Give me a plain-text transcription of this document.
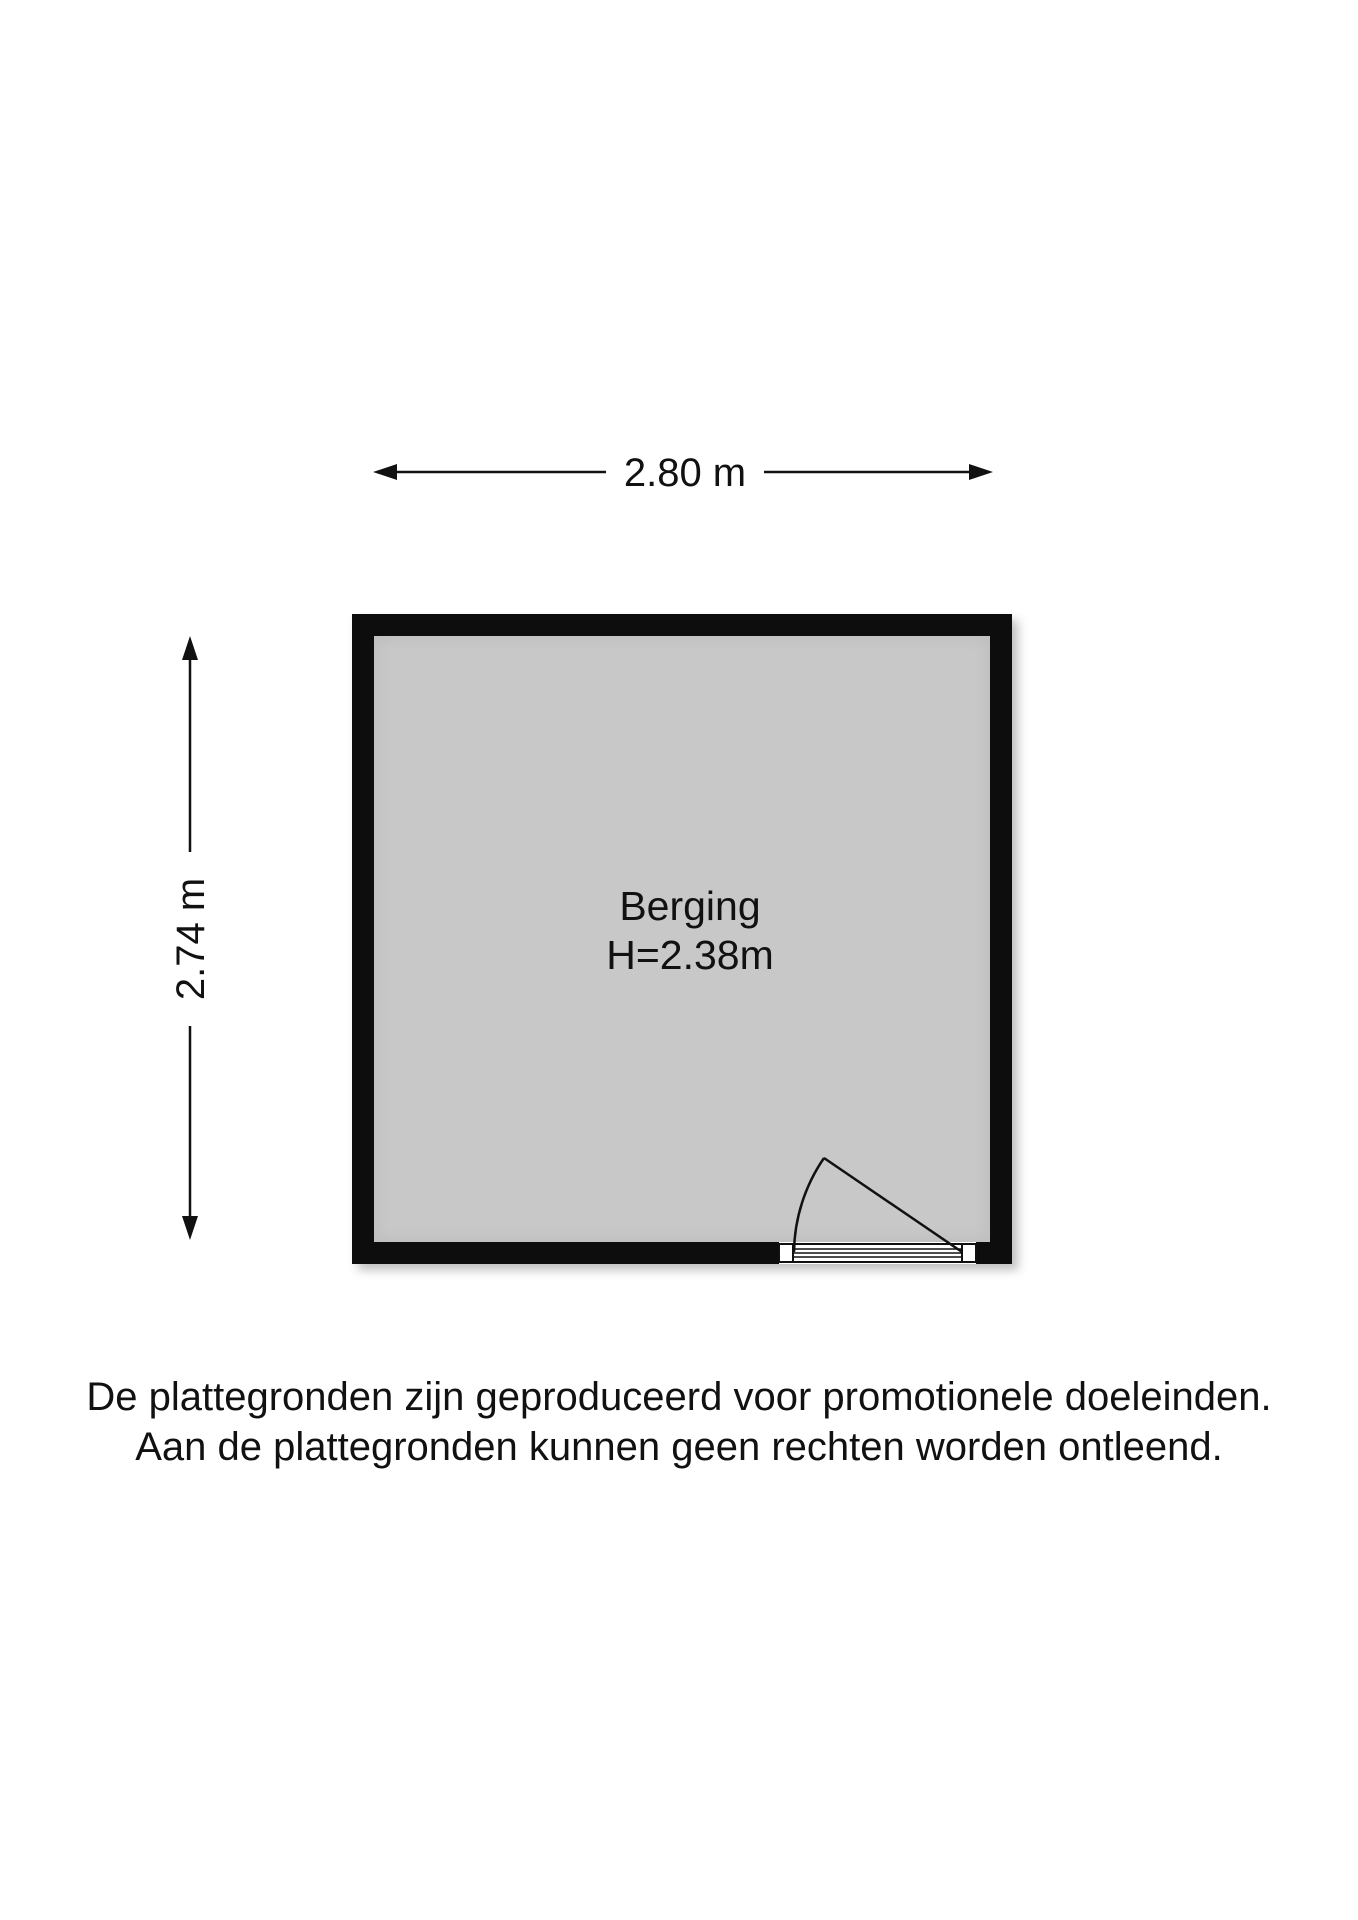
2.80 m
2.74 m	Berging
H=2.38m
De plattegronden zijn geproduceerd voor promotionele doeleinden.
Aan de plattegronden kunnen geen rechten worden ontleend.
